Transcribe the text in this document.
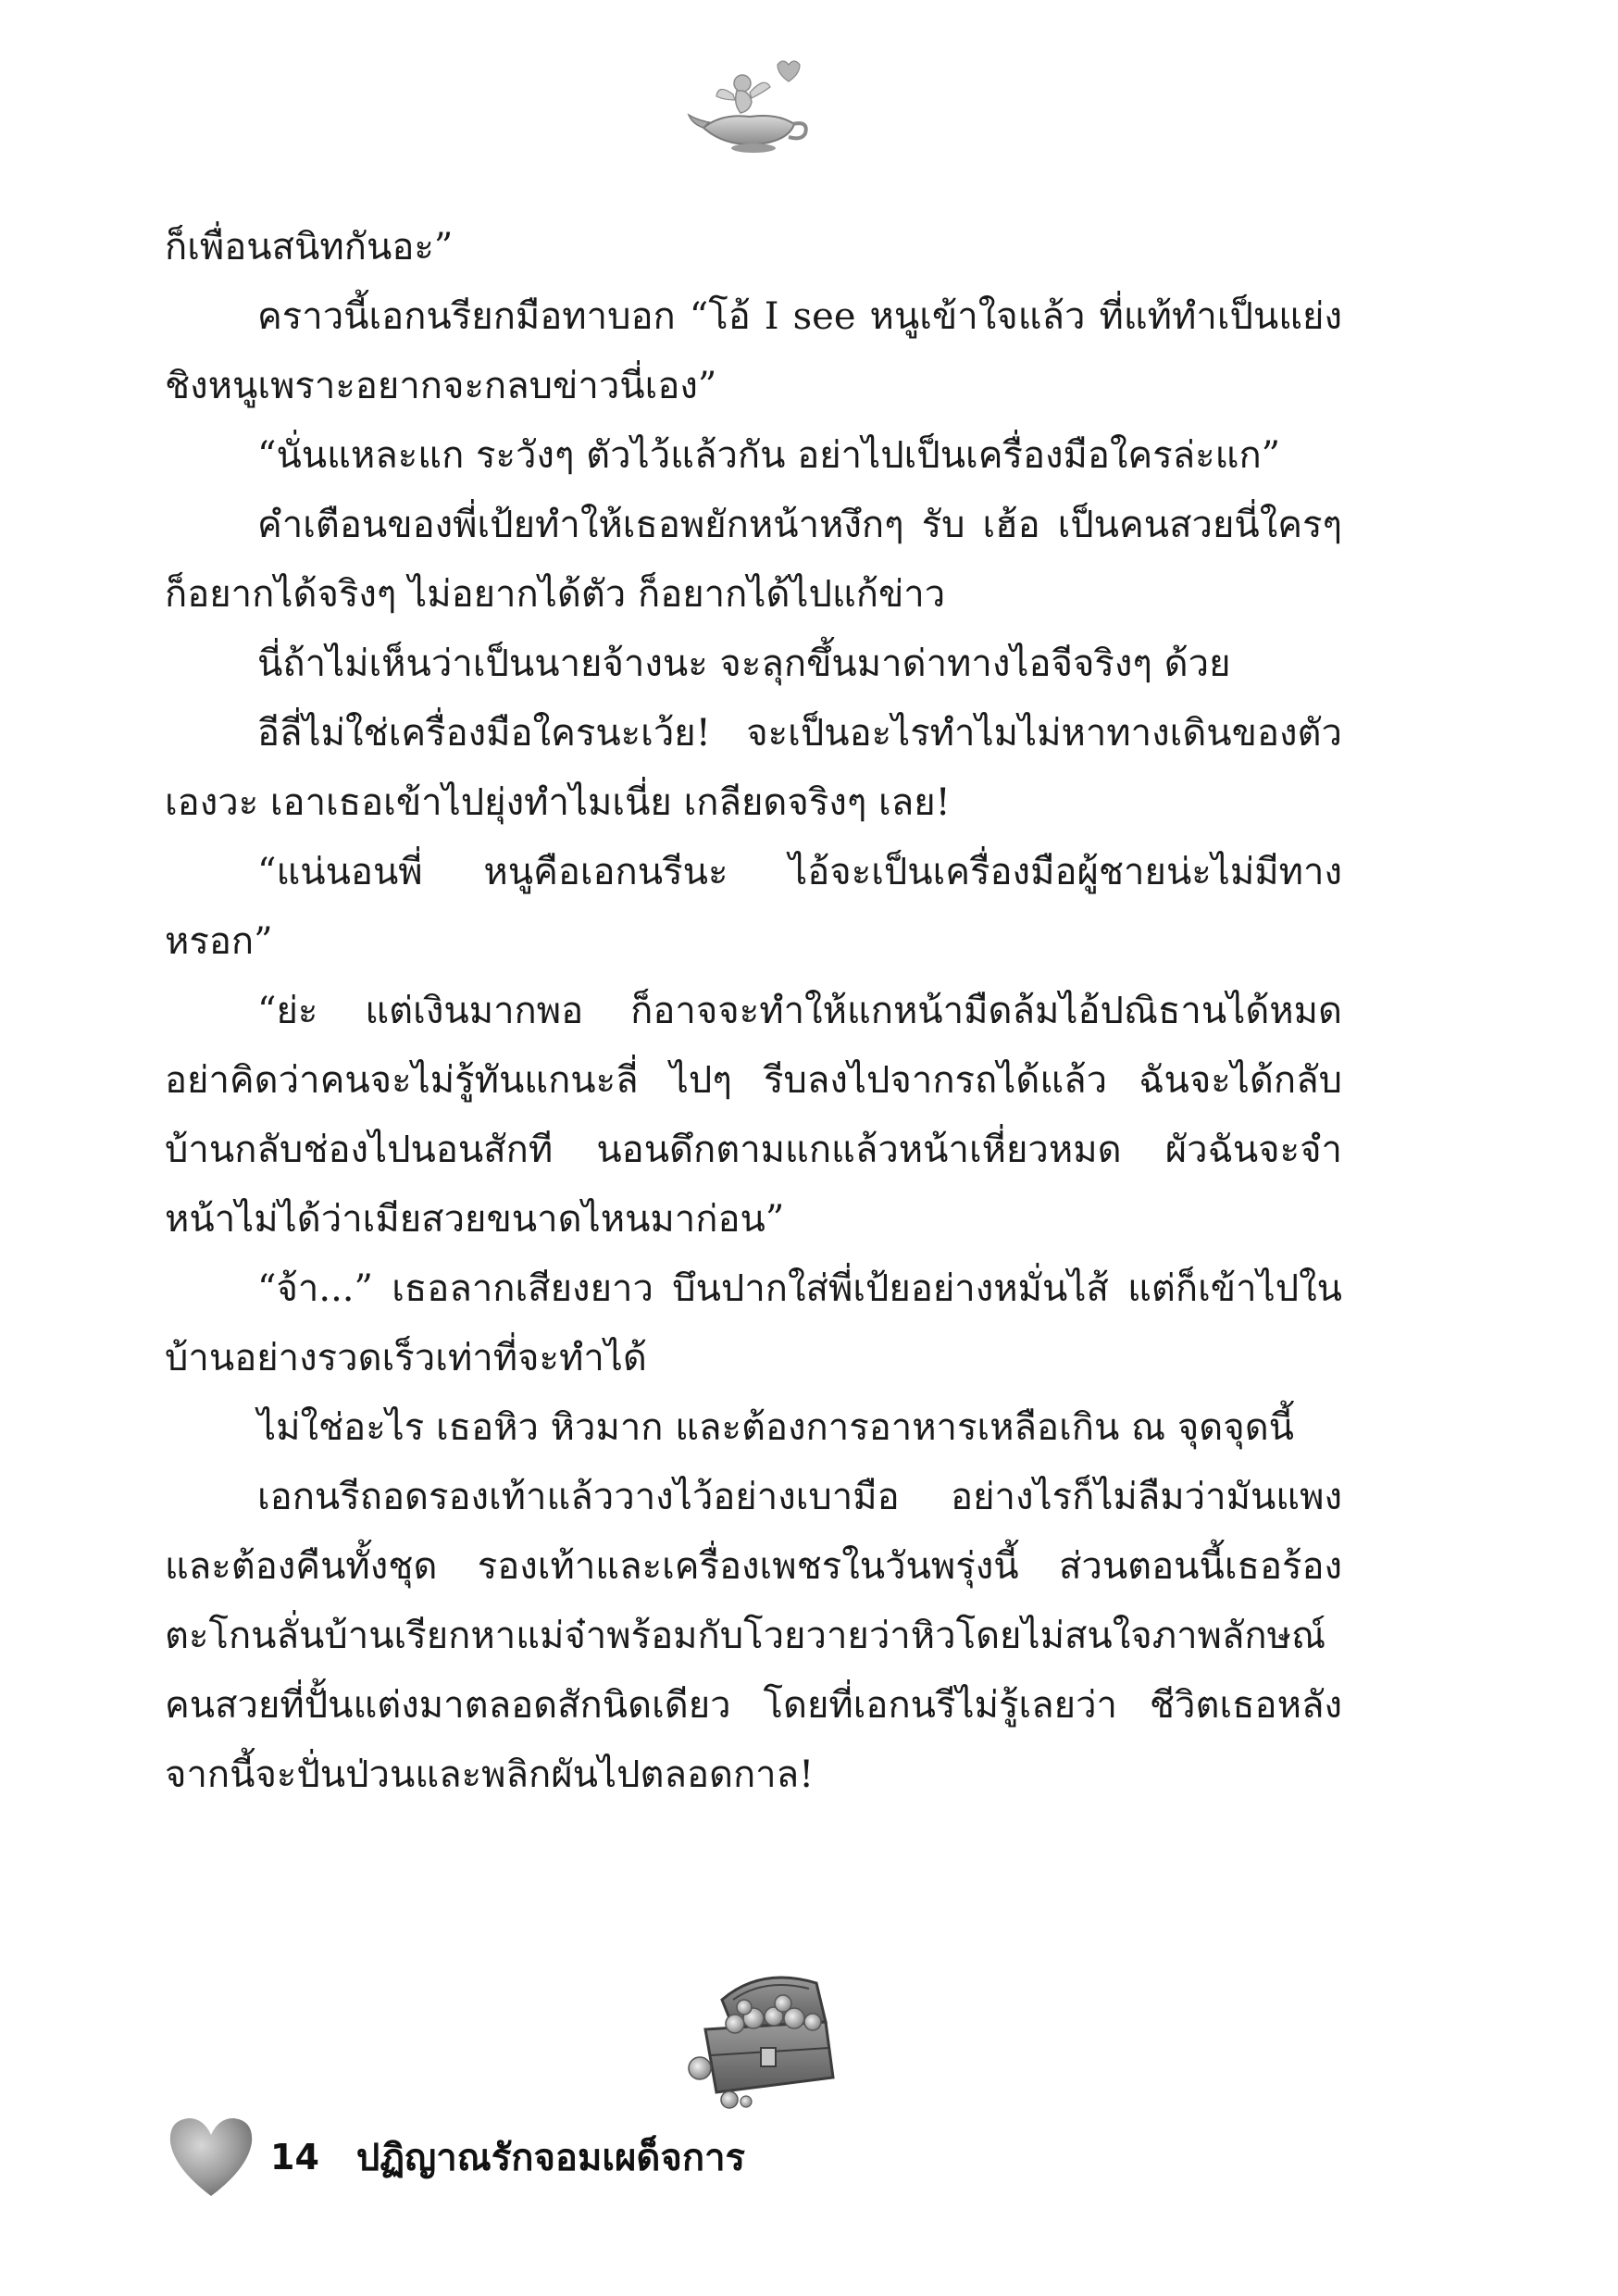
ก็เพื่อนสนิทกันอะ”

คราวนี้เอกนรียกมือทาบอก “โอ้ I see หนูเข้าใจแล้ว ที่แท้ทำเป็นแย่งชิงหนูเพราะอยากจะกลบข่าวนี่เอง”

“นั่นแหละแก ระวังๆ ตัวไว้แล้วกัน อย่าไปเป็นเครื่องมือใครล่ะแก”

คำเตือนของพี่เป้ยทำให้เธอพยักหน้าหงึกๆ รับ เฮ้อ เป็นคนสวยนี่ใครๆ ก็อยากได้จริงๆ ไม่อยากได้ตัว ก็อยากได้ไปแก้ข่าว

นี่ถ้าไม่เห็นว่าเป็นนายจ้างนะ จะลุกขึ้นมาด่าทางไอจีจริงๆ ด้วย

อีลี่ไม่ใช่เครื่องมือใครนะเว้ย! จะเป็นอะไรทำไมไม่หาทางเดินของตัวเองวะ เอาเธอเข้าไปยุ่งทำไมเนี่ย เกลียดจริงๆ เลย!

“แน่นอนพี่ หนูคือเอกนรีนะ ไอ้จะเป็นเครื่องมือผู้ชายน่ะไม่มีทางหรอก”

“ย่ะ แต่เงินมากพอ ก็อาจจะทำให้แกหน้ามืดล้มไอ้ปณิธานได้หมด อย่าคิดว่าคนจะไม่รู้ทันแกนะลี่ ไปๆ รีบลงไปจากรถได้แล้ว ฉันจะได้กลับบ้านกลับช่องไปนอนสักที นอนดึกตามแกแล้วหน้าเหี่ยวหมด ผัวฉันจะจำหน้าไม่ได้ว่าเมียสวยขนาดไหนมาก่อน”

“จ้า...” เธอลากเสียงยาว บึนปากใส่พี่เป้ยอย่างหมั่นไส้ แต่ก็เข้าไปในบ้านอย่างรวดเร็วเท่าที่จะทำได้

ไม่ใช่อะไร เธอหิว หิวมาก และต้องการอาหารเหลือเกิน ณ จุดจุดนี้

เอกนรีถอดรองเท้าแล้ววางไว้อย่างเบามือ อย่างไรก็ไม่ลืมว่ามันแพงและต้องคืนทั้งชุด รองเท้าและเครื่องเพชรในวันพรุ่งนี้ ส่วนตอนนี้เธอร้องตะโกนลั่นบ้านเรียกหาแม่จ๋าพร้อมกับโวยวายว่าหิวโดยไม่สนใจภาพลักษณ์คนสวยที่ปั้นแต่งมาตลอดสักนิดเดียว โดยที่เอกนรีไม่รู้เลยว่า ชีวิตเธอหลังจากนี้จะปั่นป่วนและพลิกผันไปตลอดกาล!

14 ปฏิญาณรักจอมเผด็จการ
